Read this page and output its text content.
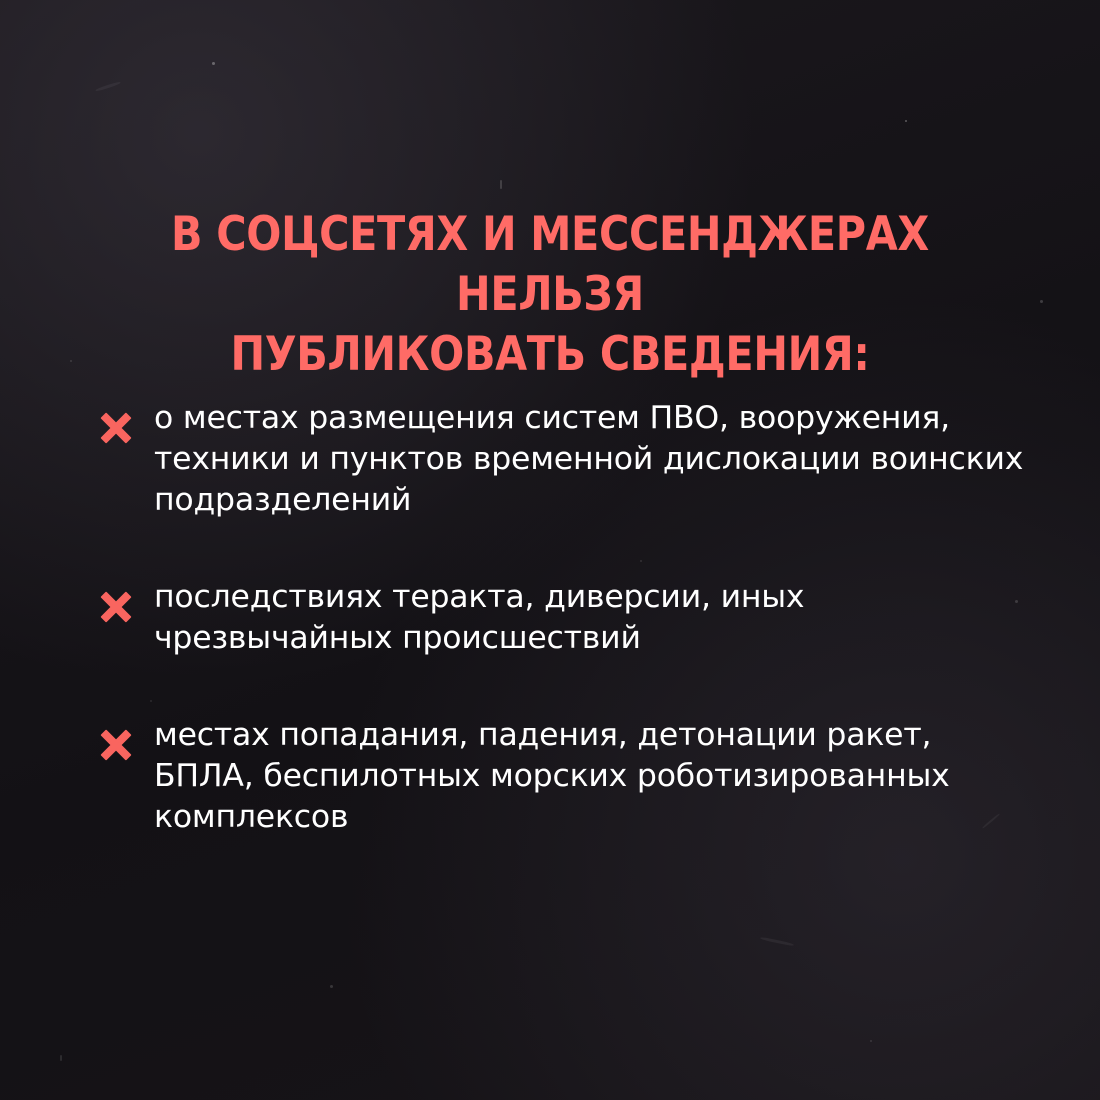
В СОЦСЕТЯХ И МЕССЕНДЖЕРАХ НЕЛЬЗЯ
ПУБЛИКОВАТЬ СВЕДЕНИЯ:
о местах размещения систем ПВО, вооружения, техники и пунктов временной дислокации воинских подразделений
последствиях теракта, диверсии, иных чрезвычайных происшествий
местах попадания, падения, детонации ракет, БПЛА, беспилотных морских роботизированных комплексов
